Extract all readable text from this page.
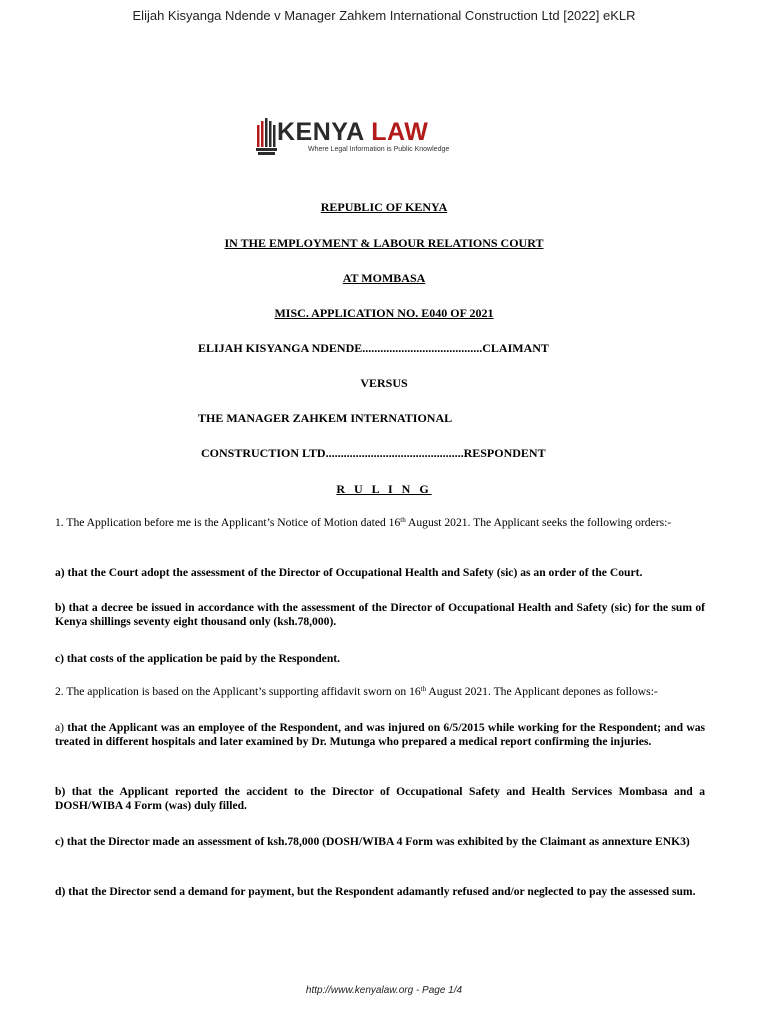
Elijah Kisyanga Ndende v Manager Zahkem International Construction Ltd [2022] eKLR
KENYA LAW
Where Legal Information is Public Knowledge
REPUBLIC OF KENYA
IN THE EMPLOYMENT & LABOUR RELATIONS COURT
AT MOMBASA
MISC. APPLICATION NO. E040 OF 2021
ELIJAH KISYANGA NDENDE........................................CLAIMANT
VERSUS
THE MANAGER ZAHKEM INTERNATIONAL
CONSTRUCTION LTD..............................................RESPONDENT
R U L I N G
1. The Application before me is the Applicant’s Notice of Motion dated 16th August 2021. The Applicant seeks the following orders:-
a) that the Court adopt the assessment of the Director of Occupational Health and Safety (sic) as an order of the Court.
b) that a decree be issued in accordance with the assessment of the Director of Occupational Health and Safety (sic) for the sum of Kenya shillings seventy eight thousand only (ksh.78,000).
c) that costs of the application be paid by the Respondent.
2. The application is based on the Applicant’s supporting affidavit sworn on 16th August 2021. The Applicant depones as follows:-
a) that the Applicant was an employee of the Respondent, and was injured on 6/5/2015 while working for the Respondent; and was treated in different hospitals and later examined by Dr. Mutunga who prepared a medical report confirming the injuries.
b) that the Applicant reported the accident to the Director of Occupational Safety and Health Services Mombasa and a DOSH/WIBA 4 Form (was) duly filled.
c) that the Director made an assessment of ksh.78,000 (DOSH/WIBA 4 Form was exhibited by the Claimant as annexture ENK3)
d) that the Director send a demand for payment, but the Respondent adamantly refused and/or neglected to pay the assessed sum.
http://www.kenyalaw.org - Page 1/4
